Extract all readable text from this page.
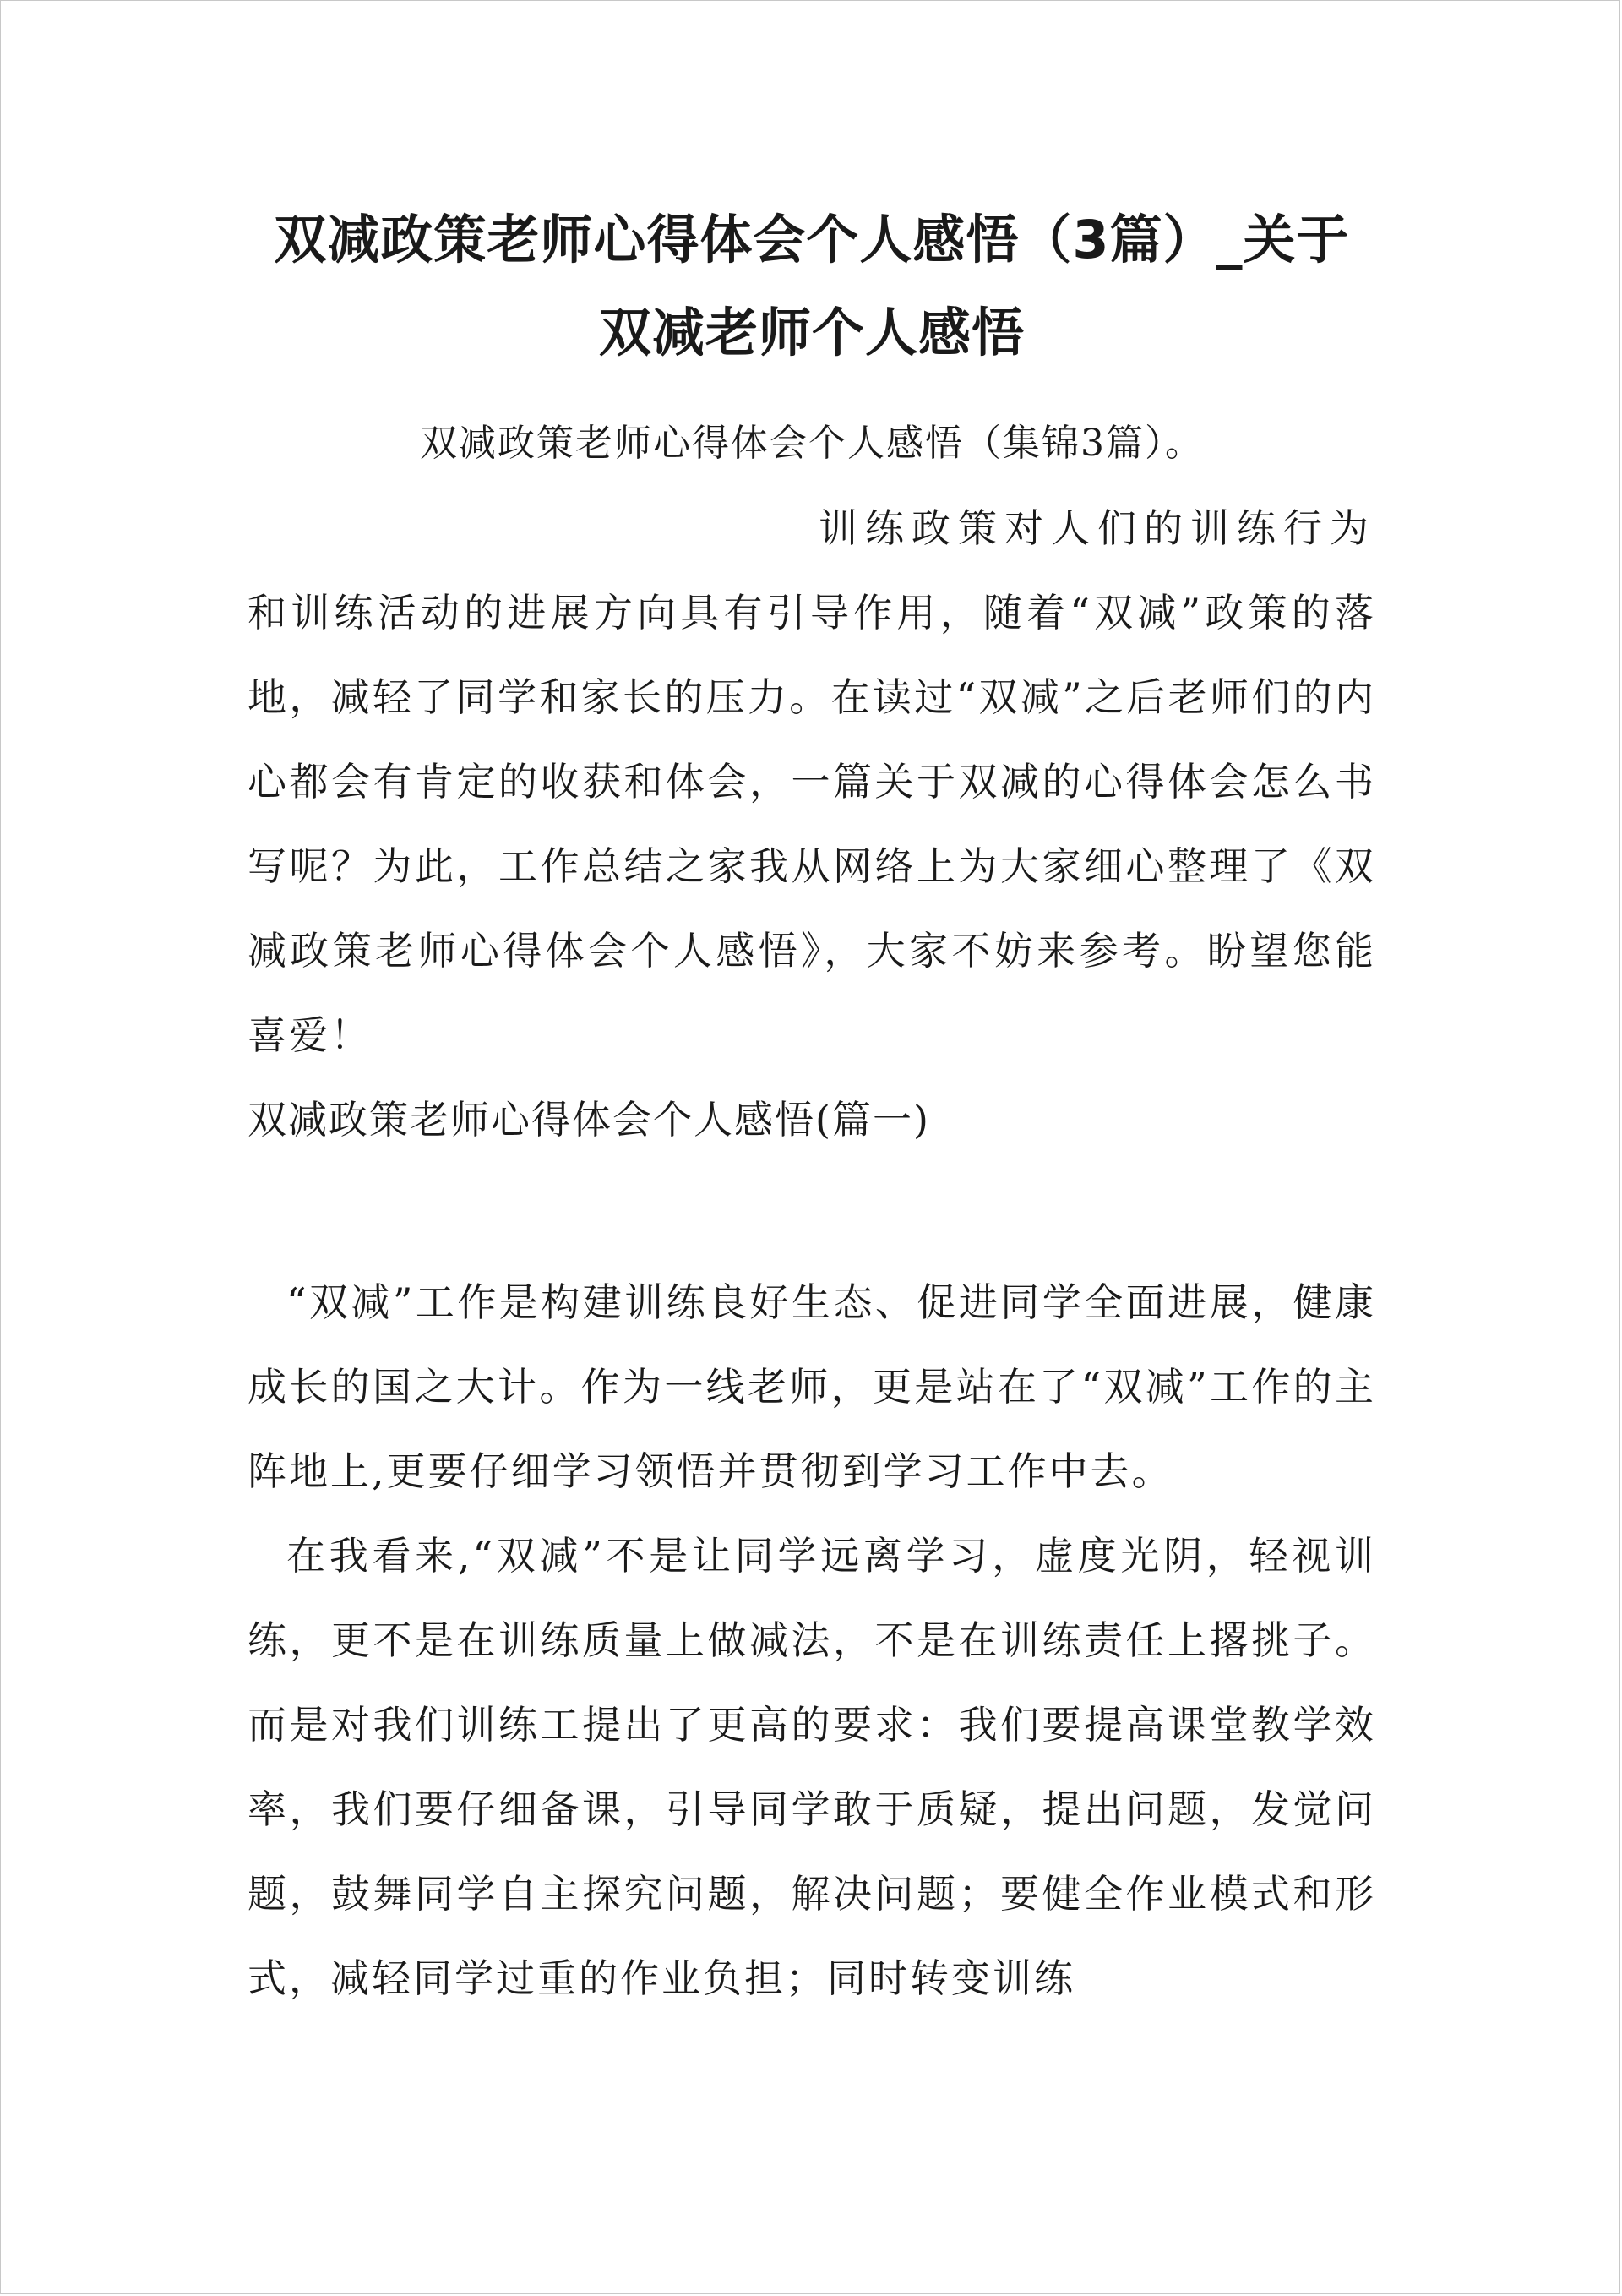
双减政策老师心得体会个人感悟（3篇）_关于双减老师个人感悟

双减政策老师心得体会个人感悟（集锦3篇）。

训练政策对人们的训练行为

和训练活动的进展方向具有引导作用，随着“双减”政策的落地，减轻了同学和家长的压力。在读过“双减”之后老师们的内心都会有肯定的收获和体会，一篇关于双减的心得体会怎么书写呢？为此，工作总结之家我从网络上为大家细心整理了《双减政策老师心得体会个人感悟》，大家不妨来参考。盼望您能喜爱！

双减政策老师心得体会个人感悟(篇一)

“双减”工作是构建训练良好生态、促进同学全面进展，健康成长的国之大计。作为一线老师，更是站在了“双减”工作的主阵地上,更要仔细学习领悟并贯彻到学习工作中去。

在我看来,“双减”不是让同学远离学习，虚度光阴，轻视训练，更不是在训练质量上做减法，不是在训练责任上撂挑子。而是对我们训练工提出了更高的要求：我们要提高课堂教学效率，我们要仔细备课，引导同学敢于质疑，提出问题，发觉问题，鼓舞同学自主探究问题，解决问题；要健全作业模式和形式，减轻同学过重的作业负担；同时转变训练
